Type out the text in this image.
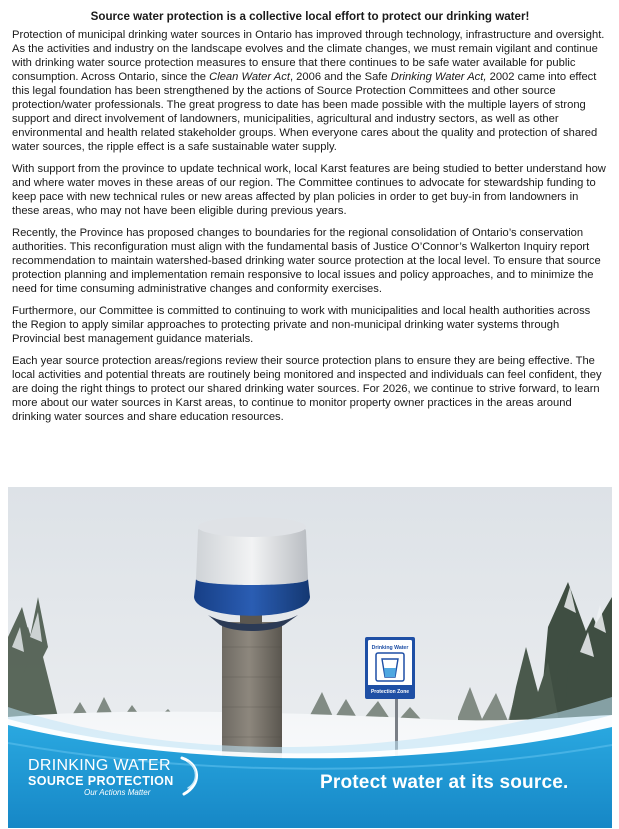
Source water protection is a collective local effort to protect our drinking water!

Protection of municipal drinking water sources in Ontario has improved through technology, infrastructure and oversight. As the activities and industry on the landscape evolves and the climate changes, we must remain vigilant and continue with drinking water source protection measures to ensure that there continues to be safe water available for public consumption. Across Ontario, since the Clean Water Act, 2006 and the Safe Drinking Water Act, 2002 came into effect this legal foundation has been strengthened by the actions of Source Protection Committees and other source protection/water professionals. The great progress to date has been made possible with the multiple layers of strong support and direct involvement of landowners, municipalities, agricultural and industry sectors, as well as other environmental and health related stakeholder groups. When everyone cares about the quality and protection of shared water sources, the ripple effect is a safe sustainable water supply.

With support from the province to update technical work, local Karst features are being studied to better understand how and where water moves in these areas of our region. The Committee continues to advocate for stewardship funding to keep pace with new technical rules or new areas affected by plan policies in order to get buy-in from landowners in these areas, who may not have been eligible during previous years.

Recently, the Province has proposed changes to boundaries for the regional consolidation of Ontario’s conservation authorities. This reconfiguration must align with the fundamental basis of Justice O’Connor’s Walkerton Inquiry report recommendation to maintain watershed-based drinking water source protection at the local level. To ensure that source protection planning and implementation remain responsive to local issues and policy approaches, and to minimize the need for time consuming administrative changes and conformity exercises.

Furthermore, our Committee is committed to continuing to work with municipalities and local health authorities across the Region to apply similar approaches to protecting private and non-municipal drinking water systems through Provincial best management guidance materials.

Each year source protection areas/regions review their source protection plans to ensure they are being effective. The local activities and potential threats are routinely being monitored and inspected and individuals can feel confident, they are doing the right things to protect our shared drinking water sources. For 2026, we continue to strive forward, to learn more about our water sources in Karst areas, to continue to monitor property owner practices in the areas around drinking water sources and share education resources.

Drinking Water
Protection Zone
DRINKING WATER
SOURCE PROTECTION
Our Actions Matter	Protect water at its source.
